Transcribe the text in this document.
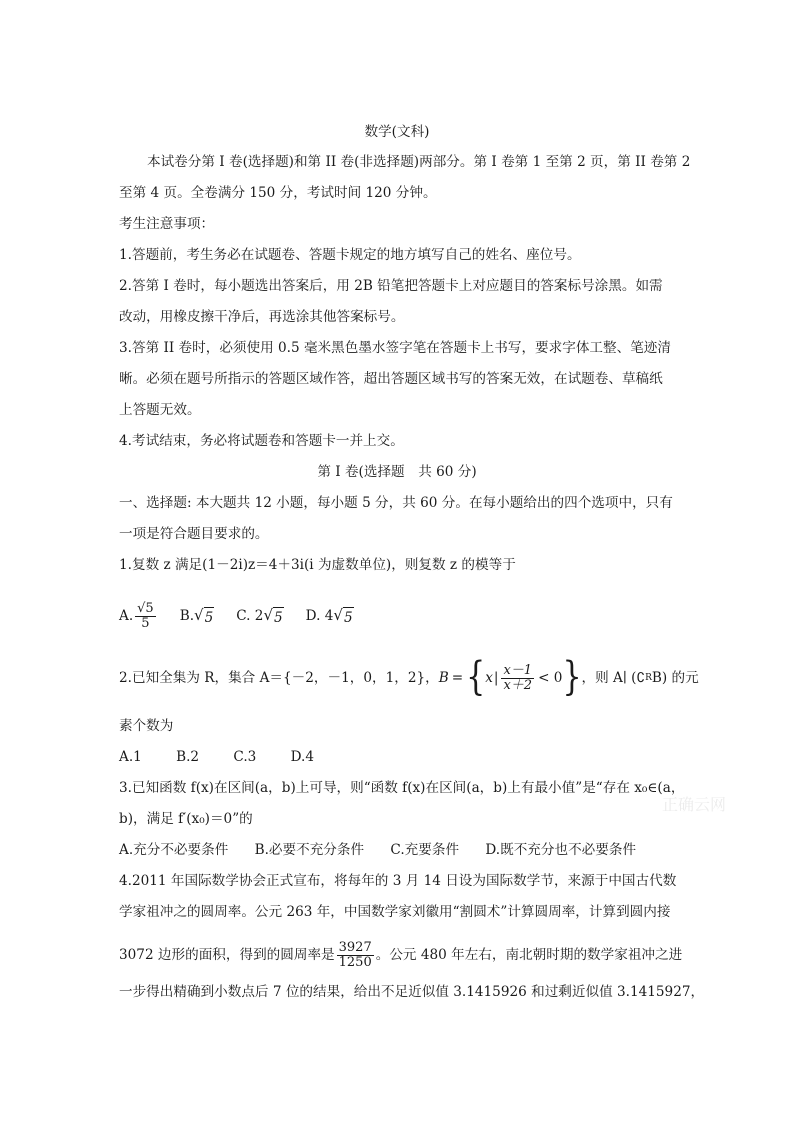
数学(文科)
本试卷分第 I 卷(选择题)和第 II 卷(非选择题)两部分。第 I 卷第 1 至第 2 页，第 II 卷第 2
至第 4 页。全卷满分 150 分，考试时间 120 分钟。
考生注意事项：
1.答题前，考生务必在试题卷、答题卡规定的地方填写自己的姓名、座位号。
2.答第 I 卷时，每小题选出答案后，用 2B 铅笔把答题卡上对应题目的答案标号涂黑。如需
改动，用橡皮擦干净后，再选涂其他答案标号。
3.答第 II 卷时，必须使用 0.5 毫米黑色墨水签字笔在答题卡上书写，要求字体工整、笔迹清
晰。必须在题号所指示的答题区域作答，超出答题区域书写的答案无效，在试题卷、草稿纸
上答题无效。
4.考试结束，务必将试题卷和答题卡一并上交。
第 I 卷(选择题　共 60 分)
一、选择题: 本大题共 12 小题，每小题 5 分，共 60 分。在每小题给出的四个选项中，只有
一项是符合题目要求的。
1.复数 z 满足(1－2i)z＝4＋3i(i 为虚数单位)，则复数 z 的模等于
A. $\frac{√5}{5} B$. √ 5 C. 2 √ 5 D. 4 √ 5
2.已知全集为 R，集合 A＝{－2，－1，0，1，2}， B = { x | $\frac{x-1}{x+2} < 0$ } ，则 A∣ (∁ R B) 的元
素个数为
A.1	B.2	C.3	D.4
3.已知函数 f(x)在区间(a，b)上可导，则“函数 f(x)在区间(a，b)上有最小值”是“存在 x₀∈(a，
b)，满足 f′(x₀)＝0”的
A.充分不必要条件 B.必要不充分条件 C.充要条件 D.既不充分也不必要条件
4.2011 年国际数学协会正式宣布，将每年的 3 月 14 日设为国际数学节，来源于中国古代数
学家祖冲之的圆周率。公元 263 年，中国数学家刘徽用“割圆术”计算圆周率，计算到圆内接
3072 边形的面积，得到的圆周率是 $\frac{3927}{1250}$ 。公元 480 年左右，南北朝时期的数学家祖冲之进
一步得出精确到小数点后 7 位的结果，给出不足近似值 3.1415926 和过剩近似值 3.1415927，
正确云网
